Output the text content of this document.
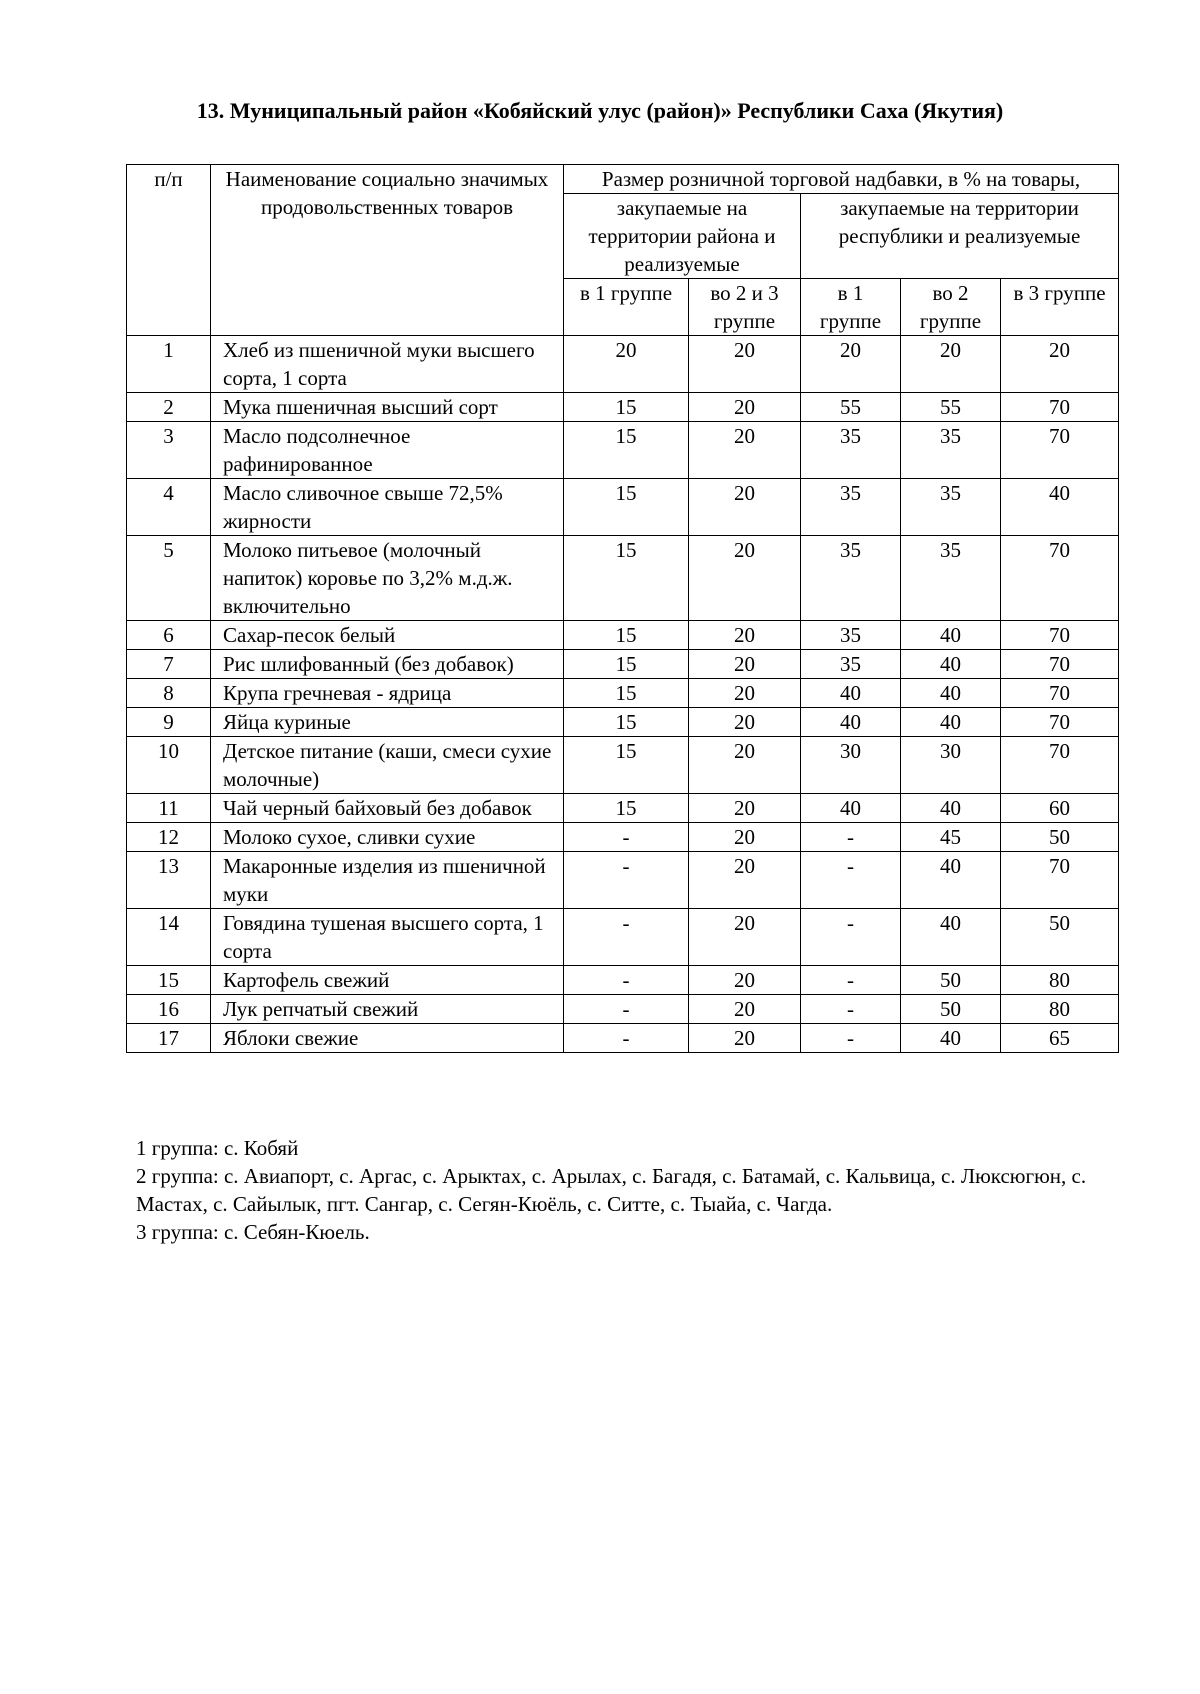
13. Муниципальный район «Кобяйский улус (район)» Республики Саха (Якутия)
п/п	Наименование социально значимых продовольственных товаров	Размер розничной торговой надбавки, в % на товары,				
		закупаемые на территории района и реализуемые		закупаемые на территории республики и реализуемые		
		в 1 группе	во 2 и 3 группе	в 1 группе	во 2 группе	в 3 группе
1	Хлеб из пшеничной муки высшего сорта, 1 сорта	20	20	20	20	20
2	Мука пшеничная высший сорт	15	20	55	55	70
3	Масло подсолнечное рафинированное	15	20	35	35	70
4	Масло сливочное свыше 72,5% жирности	15	20	35	35	40
5	Молоко питьевое (молочный напиток) коровье по 3,2% м.д.ж. включительно	15	20	35	35	70
6	Сахар-песок белый	15	20	35	40	70
7	Рис шлифованный (без добавок)	15	20	35	40	70
8	Крупа гречневая - ядрица	15	20	40	40	70
9	Яйца куриные	15	20	40	40	70
10	Детское питание (каши, смеси сухие молочные)	15	20	30	30	70
11	Чай черный байховый без добавок	15	20	40	40	60
12	Молоко сухое, сливки сухие	-	20	-	45	50
13	Макаронные изделия из пшеничной муки	-	20	-	40	70
14	Говядина тушеная высшего сорта, 1 сорта	-	20	-	40	50
15	Картофель свежий	-	20	-	50	80
16	Лук репчатый свежий	-	20	-	50	80
17	Яблоки свежие	-	20	-	40	65

1 группа: с. Кобяй

2 группа: с. Авиапорт, с. Аргас, с. Арыктах, с. Арылах, с. Багадя, с. Батамай, с. Кальвица, с. Люксюгюн, с. Мастах, с. Сайылык, пгт. Сангар, с. Сегян-Кюёль, с. Ситте, с. Тыайа, с. Чагда.

3 группа: с. Себян-Кюель.
